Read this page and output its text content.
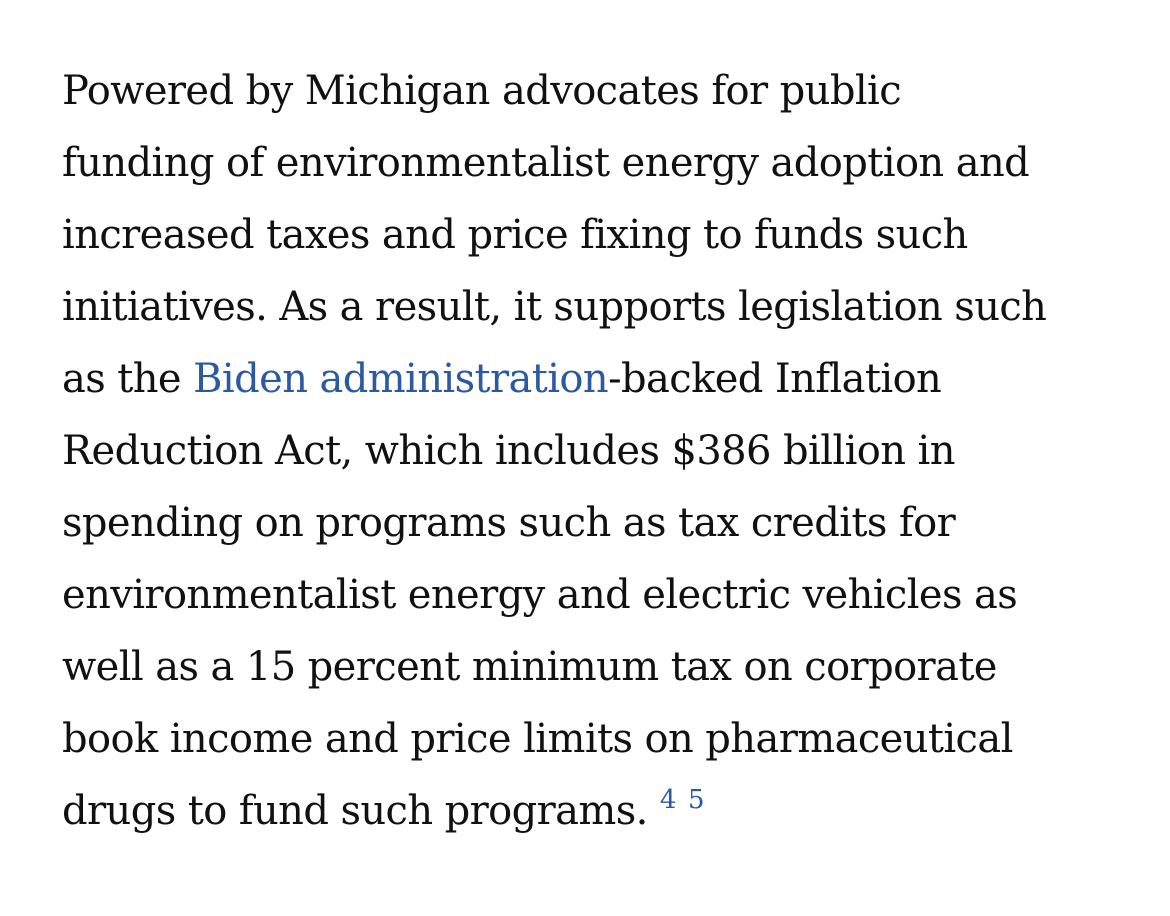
Powered by Michigan advocates for public
funding of environmentalist energy adoption and
increased taxes and price fixing to funds such
initiatives. As a result, it supports legislation such
as the Biden administration-backed Inflation
Reduction Act, which includes $386 billion in
spending on programs such as tax credits for
environmentalist energy and electric vehicles as
well as a 15 percent minimum tax on corporate
book income and price limits on pharmaceutical
drugs to fund such programs. $^4$ $^5$
